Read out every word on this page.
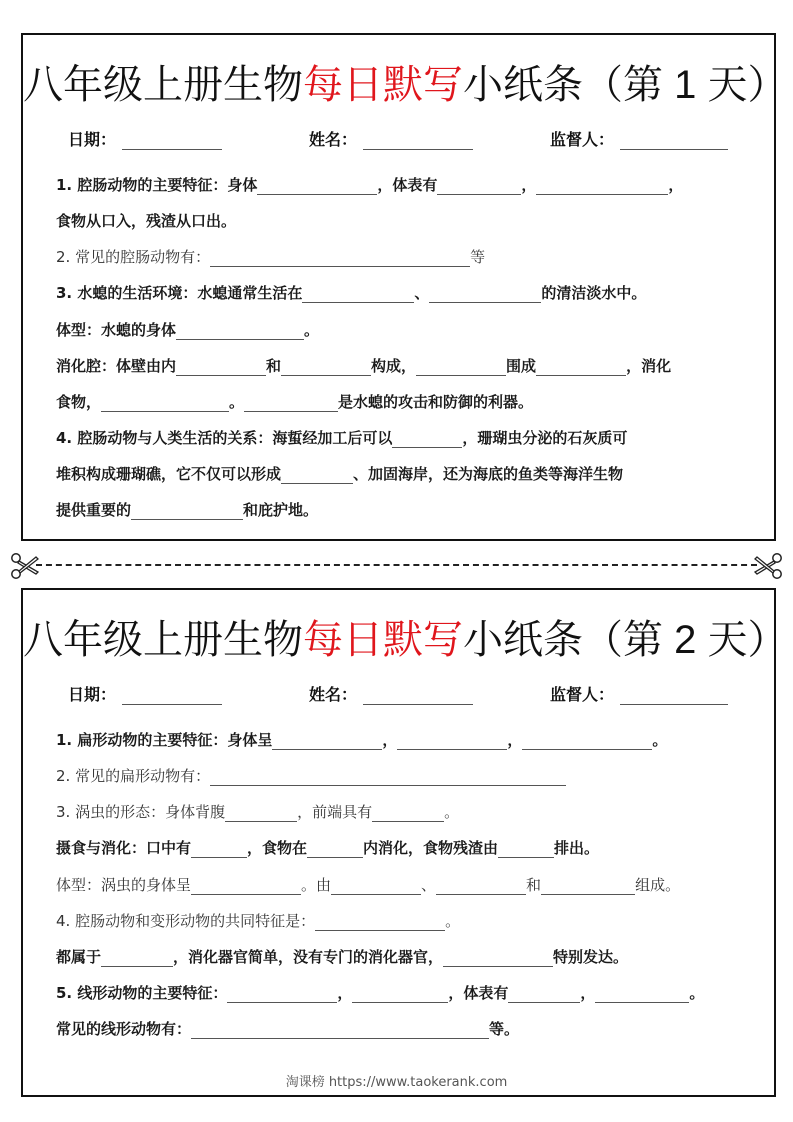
八年级上册生物每日默写小纸条（第 1 天）
日期：	姓名：	监督人：
1. 腔肠动物的主要特征：身体	，体表有	，	，
食物从口入，残渣从口出。
2. 常见的腔肠动物有：	等
3. 水螅的生活环境：水螅通常生活在	、	的清洁淡水中。
体型：水螅的身体	。
消化腔：体壁由内	和	构成，	围成	，消化
食物，	。	是水螅的攻击和防御的利器。
4. 腔肠动物与人类生活的关系：海蜇经加工后可以	，珊瑚虫分泌的石灰质可
堆积构成珊瑚礁，它不仅可以形成	、加固海岸，还为海底的鱼类等海洋生物
提供重要的	和庇护地。
八年级上册生物每日默写小纸条（第 2 天）
日期：	姓名：	监督人：
1. 扁形动物的主要特征：身体呈	，	，	。
2. 常见的扁形动物有：
3. 涡虫的形态：身体背腹	，前端具有	。
摄食与消化：口中有	，食物在	内消化，食物残渣由	排出。
体型：涡虫的身体呈	。由	、	和	组成。
4. 腔肠动物和变形动物的共同特征是：	。
都属于	，消化器官简单，没有专门的消化器官，	特别发达。
5. 线形动物的主要特征：	，	，体表有	，	。
常见的线形动物有：	等。
淘课榜 https://www.taokerank.com
